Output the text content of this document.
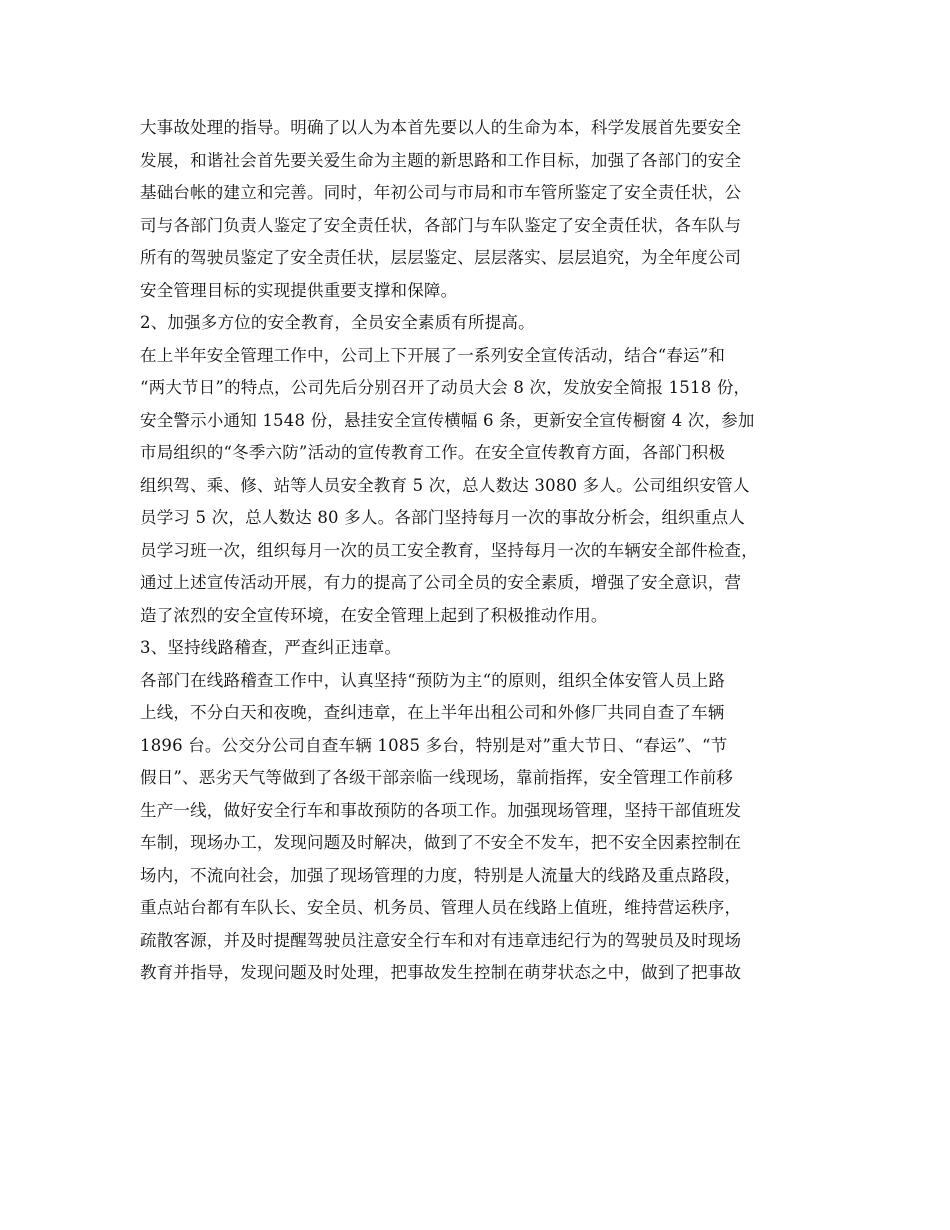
大事故处理的指导。明确了以人为本首先要以人的生命为本，科学发展首先要安全
发展，和谐社会首先要关爱生命为主题的新思路和工作目标，加强了各部门的安全
基础台帐的建立和完善。同时，年初公司与市局和市车管所鉴定了安全责任状，公
司与各部门负责人鉴定了安全责任状，各部门与车队鉴定了安全责任状，各车队与
所有的驾驶员鉴定了安全责任状，层层鉴定、层层落实、层层追究，为全年度公司
安全管理目标的实现提供重要支撑和保障。
2、加强多方位的安全教育，全员安全素质有所提高。
在上半年安全管理工作中，公司上下开展了一系列安全宣传活动，结合“春运”和
“两大节日”的特点，公司先后分别召开了动员大会 8 次，发放安全简报 1518 份，
安全警示小通知 1548 份，悬挂安全宣传横幅 6 条，更新安全宣传橱窗 4 次，参加
市局组织的“冬季六防”活动的宣传教育工作。在安全宣传教育方面，各部门积极
组织驾、乘、修、站等人员安全教育 5 次，总人数达 3080 多人。公司组织安管人
员学习 5 次，总人数达 80 多人。各部门坚持每月一次的事故分析会，组织重点人
员学习班一次，组织每月一次的员工安全教育，坚持每月一次的车辆安全部件检查，
通过上述宣传活动开展，有力的提高了公司全员的安全素质，增强了安全意识，营
造了浓烈的安全宣传环境，在安全管理上起到了积极推动作用。
3、坚持线路稽查，严查纠正违章。
各部门在线路稽查工作中，认真坚持“预防为主“的原则，组织全体安管人员上路
上线，不分白天和夜晚，查纠违章，在上半年出租公司和外修厂共同自查了车辆
1896 台。公交分公司自查车辆 1085 多台，特别是对”重大节日、“春运”、“节
假日”、恶劣天气等做到了各级干部亲临一线现场，靠前指挥，安全管理工作前移
生产一线，做好安全行车和事故预防的各项工作。加强现场管理，坚持干部值班发
车制，现场办工，发现问题及时解决，做到了不安全不发车，把不安全因素控制在
场内，不流向社会，加强了现场管理的力度，特别是人流量大的线路及重点路段，
重点站台都有车队长、安全员、机务员、管理人员在线路上值班，维持营运秩序，
疏散客源，并及时提醒驾驶员注意安全行车和对有违章违纪行为的驾驶员及时现场
教育并指导，发现问题及时处理，把事故发生控制在萌芽状态之中，做到了把事故
